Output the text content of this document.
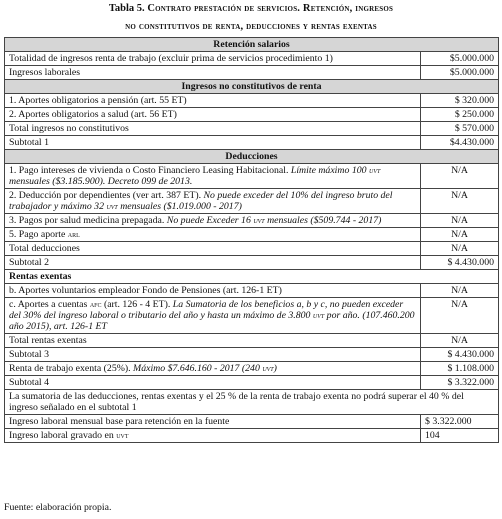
Tabla 5. Contrato prestación de servicios. Retención, ingresos
no constitutivos de renta, deducciones y rentas exentas
Retención salarios	
Totalidad de ingresos renta de trabajo (excluir prima de servicios procedimiento 1)	$5.000.000
Ingresos laborales	$5.000.000
Ingresos no constitutivos de renta	
1. Aportes obligatorios a pensión (art. 55 ET)	$ 320.000
2. Aportes obligatorios a salud (art. 56 ET)	$ 250.000
Total ingresos no constitutivos	$ 570.000
Subtotal 1	$4.430.000
Deducciones	
1. Pago intereses de vivienda o Costo Financiero Leasing Habitacional. Límite máximo 100 uvt mensuales ($3.185.900). Decreto 099 de 2013.	N/A
2. Deducción por dependientes (ver art. 387 ET). No puede exceder del 10% del ingreso bruto del trabajador y máximo 32 uvt mensuales ($1.019.000 - 2017)	N/A
3. Pagos por salud medicina prepagada. No puede Exceder 16 uvt mensuales ($509.744 - 2017)	N/A
5. Pago aporte arl	N/A
Total deducciones	N/A
Subtotal 2	$ 4.430.000
Rentas exentas	
b. Aportes voluntarios empleador Fondo de Pensiones (art. 126-1 ET)	N/A
c. Aportes a cuentas afc (art. 126 - 4 ET). La Sumatoria de los beneficios a, b y c, no pueden exceder del 30% del ingreso laboral o tributario del año y hasta un máximo de 3.800 uvt por año. (107.460.200 año 2015), art. 126-1 ET	N/A
Total rentas exentas	N/A
Subtotal 3	$ 4.430.000
Renta de trabajo exenta (25%). Máximo $7.646.160 - 2017 (240 uvt)	$ 1.108.000
Subtotal 4	$ 3.322.000
La sumatoria de las deducciones, rentas exentas y el 25 % de la renta de trabajo exenta no podrá superar el 40 % del ingreso señalado en el subtotal 1	
Ingreso laboral mensual base para retención en la fuente	$ 3.322.000
Ingreso laboral gravado en uvt	104
Fuente: elaboración propia.
